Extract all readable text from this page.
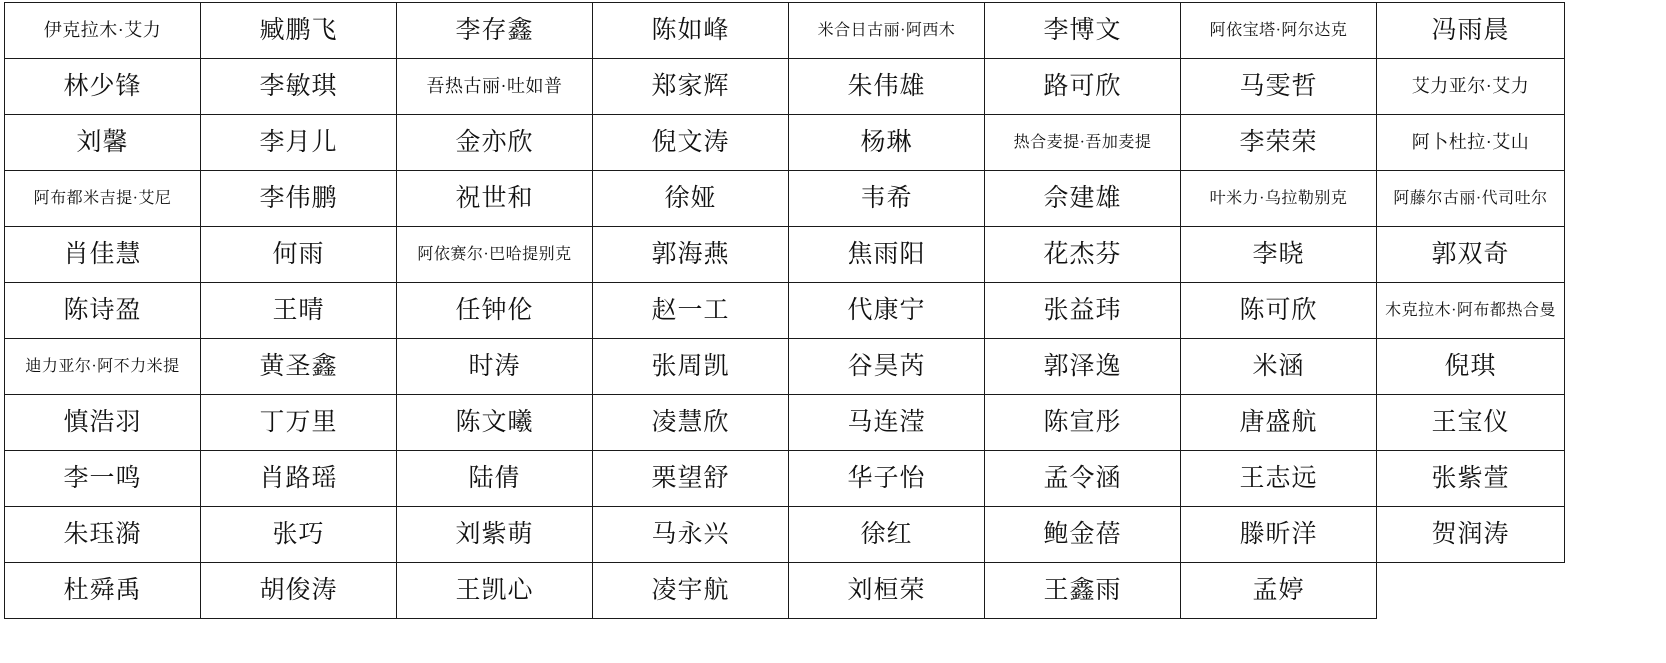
伊克拉木·艾力	臧鹏飞	李存鑫	陈如峰	米合日古丽·阿西木	李博文	阿依宝塔·阿尔达克	冯雨晨
林少锋	李敏琪	吾热古丽·吐如普	郑家辉	朱伟雄	路可欣	马雯哲	艾力亚尔·艾力
刘馨	李月儿	金亦欣	倪文涛	杨琳	热合麦提·吾加麦提	李荣荣	阿卜杜拉·艾山
阿布都米吉提·艾尼	李伟鹏	祝世和	徐娅	韦希	佘建雄	叶米力·乌拉勒别克	阿藤尔古丽·代司吐尔
肖佳慧	何雨	阿依赛尔·巴哈提别克	郭海燕	焦雨阳	花杰芬	李晓	郭双奇
陈诗盈	王晴	任钟伦	赵一工	代康宁	张益玮	陈可欣	木克拉木·阿布都热合曼
迪力亚尔·阿不力米提	黄圣鑫	时涛	张周凯	谷昊芮	郭泽逸	米涵	倪琪
慎浩羽	丁万里	陈文曦	凌慧欣	马连滢	陈宣彤	唐盛航	王宝仪
李一鸣	肖路瑶	陆倩	栗望舒	华子怡	孟令涵	王志远	张紫萱
朱珏漪	张巧	刘紫萌	马永兴	徐红	鲍金蓓	滕昕洋	贺润涛
杜舜禹	胡俊涛	王凯心	凌宇航	刘桓荣	王鑫雨	孟婷	
